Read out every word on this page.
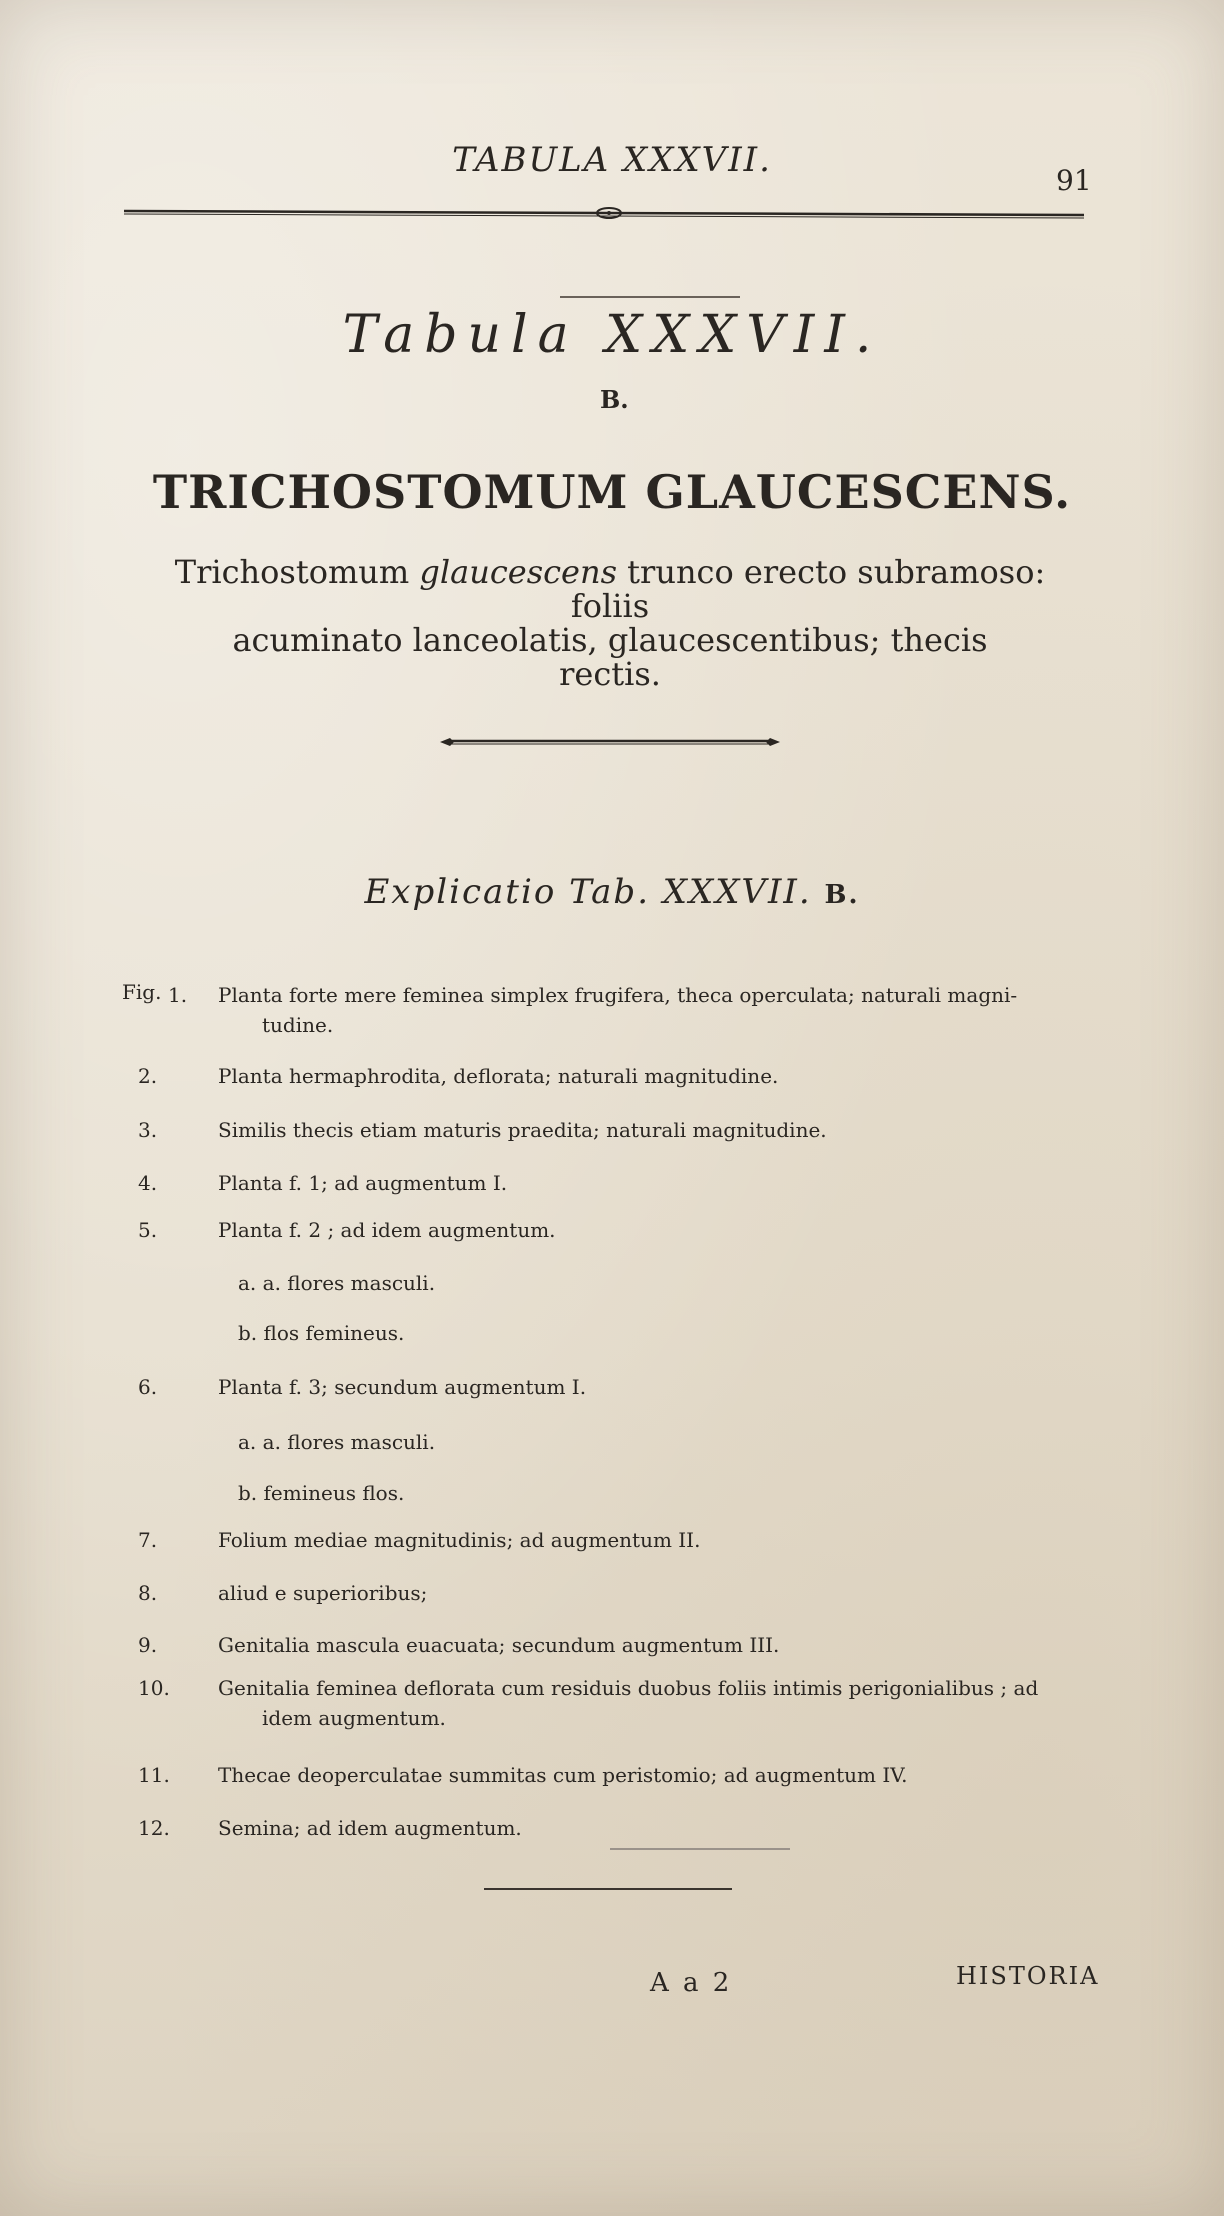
TABULA XXXVII.
91
Tabula XXXVII.
B.
TRICHOSTOMUM GLAUCESCENS.
Trichostomum glaucescens trunco erecto subramoso: foliis
acuminato lanceolatis, glaucescentibus; thecis
rectis.
Explicatio Tab. XXXVII. B.
Fig. 1.	Planta forte mere feminea simplex frugifera, theca operculata; naturali magni-
tudine.
2.	Planta hermaphrodita, deflorata; naturali magnitudine.
3.	Similis thecis etiam maturis praedita; naturali magnitudine.
4.	Planta f. 1; ad augmentum I.
5.	Planta f. 2 ; ad idem augmentum.
a. a. flores masculi.
b. flos femineus.
6.	Planta f. 3; secundum augmentum I.
a. a. flores masculi.
b. femineus flos.
7.	Folium mediae magnitudinis; ad augmentum II.
8.	aliud e superioribus;
9.	Genitalia mascula euacuata; secundum augmentum III.
10.	Genitalia feminea deflorata cum residuis duobus foliis intimis perigonialibus ; ad
idem augmentum.
11.	Thecae deoperculatae summitas cum peristomio; ad augmentum IV.
12.	Semina; ad idem augmentum.
A a 2	HISTORIA
